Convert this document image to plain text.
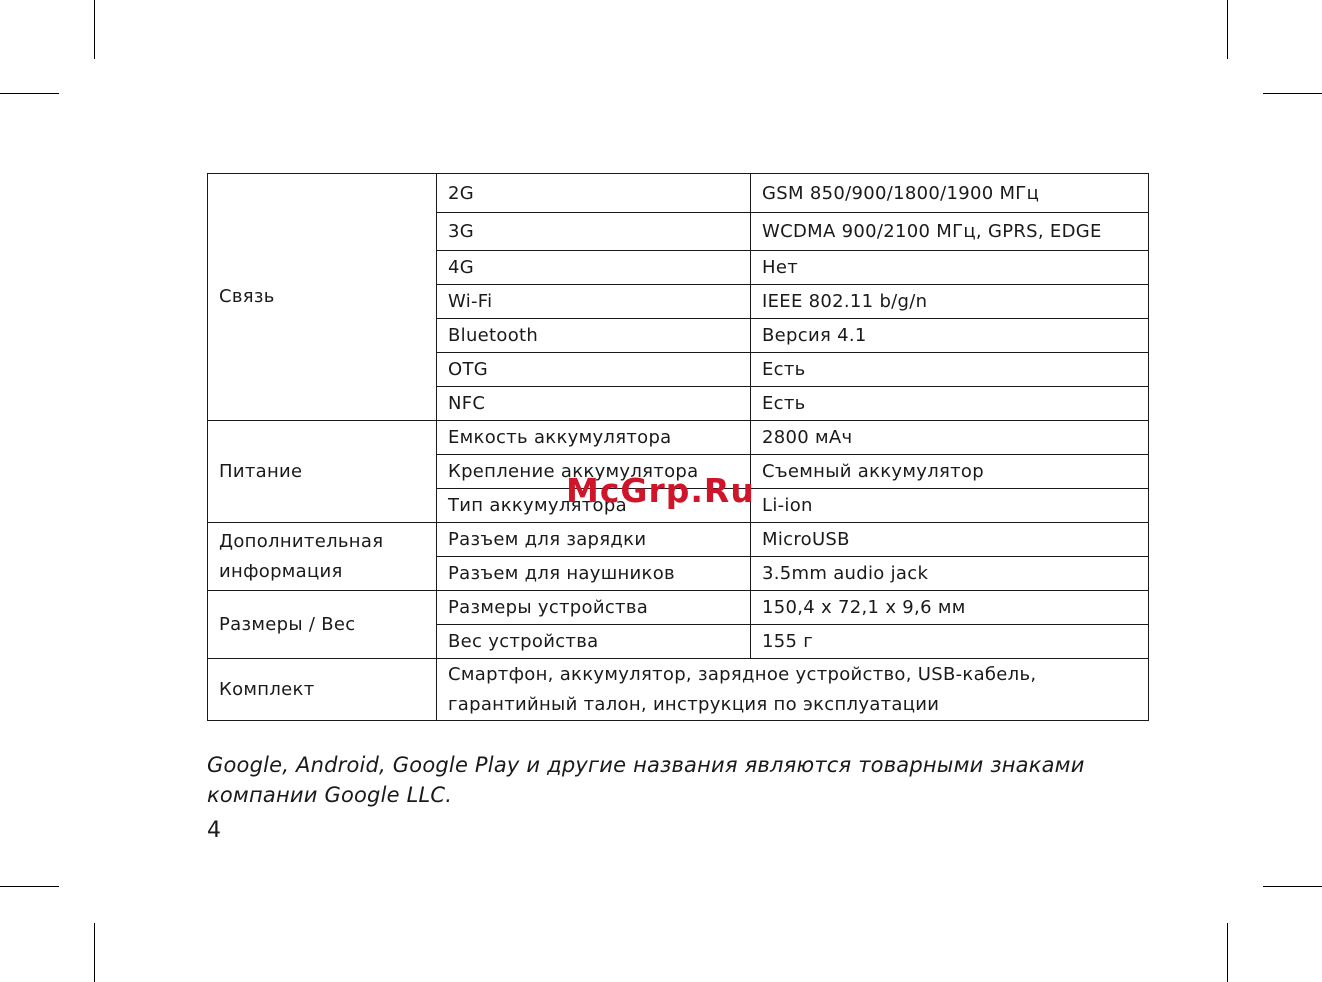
Связь	2G	GSM 850/900/1800/1900 МГц
	3G	WCDMA 900/2100 МГц, GPRS, EDGE
	4G	Нет
	Wi-Fi	IEEE 802.11 b/g/n
	Bluetooth	Версия 4.1
	OTG	Есть
	NFC	Есть
Питание	Емкость аккумулятора	2800 мАч
	Крепление аккумулятора	Съемный аккумулятор
	Тип аккумулятора	Li-ion
Дополнительная информация	Разъем для зарядки	MicroUSB
	Разъем для наушников	3.5mm audio jack
Размеры / Вес	Размеры устройства	150,4 x 72,1 x 9,6 мм
	Вес устройства	155 г
Комплект	Смартфон, аккумулятор, зарядное устройство, USB-кабель, гарантийный талон, инструкция по эксплуатации	
McGrp.Ru
Google, Android, Google Play и другие названия являются товарными знаками компании Google LLC.
4
